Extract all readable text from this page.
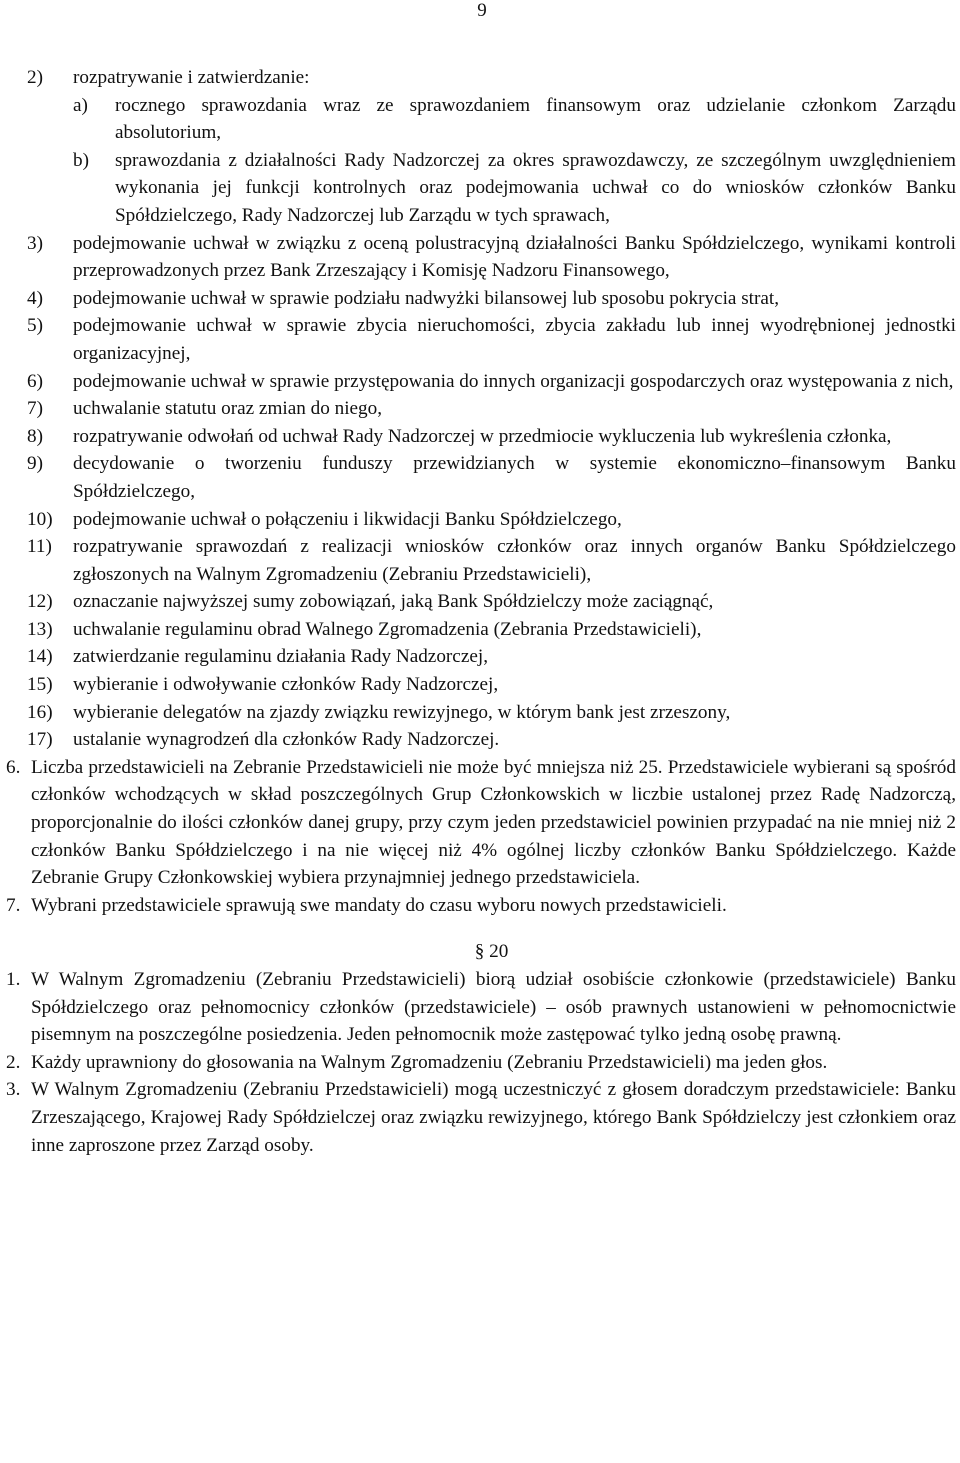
9
2)	rozpatrywanie i zatwierdzanie:
a)	rocznego sprawozdania wraz ze sprawozdaniem finansowym oraz udzielanie członkom Zarządu absolutorium,
b)	sprawozdania z działalności Rady Nadzorczej za okres sprawozdawczy, ze szczególnym uwzględnieniem wykonania jej funkcji kontrolnych oraz podejmowania uchwał co do wniosków członków Banku Spółdzielczego, Rady Nadzorczej lub Zarządu w tych sprawach,
3)	podejmowanie uchwał w związku z oceną polustracyjną działalności Banku Spółdzielczego, wynikami kontroli przeprowadzonych przez Bank Zrzeszający i Komisję Nadzoru Finansowego,
4)	podejmowanie uchwał w sprawie podziału nadwyżki bilansowej lub sposobu pokrycia strat,
5)	podejmowanie uchwał w sprawie zbycia nieruchomości, zbycia zakładu lub innej wyodrębnionej jednostki organizacyjnej,
6)	podejmowanie uchwał w sprawie przystępowania do innych organizacji gospodarczych oraz występowania z nich,
7)	uchwalanie statutu oraz zmian do niego,
8)	rozpatrywanie odwołań od uchwał Rady Nadzorczej w przedmiocie wykluczenia lub wykreślenia członka,
9)	decydowanie o tworzeniu funduszy przewidzianych w systemie ekonomiczno–finansowym Banku Spółdzielczego,
10)	podejmowanie uchwał o połączeniu i likwidacji Banku Spółdzielczego,
11)	rozpatrywanie sprawozdań z realizacji wniosków członków oraz innych organów Banku Spółdzielczego zgłoszonych na Walnym Zgromadzeniu (Zebraniu Przedstawicieli),
12)	oznaczanie najwyższej sumy zobowiązań, jaką Bank Spółdzielczy może zaciągnąć,
13)	uchwalanie regulaminu obrad Walnego Zgromadzenia (Zebrania Przedstawicieli),
14)	zatwierdzanie regulaminu działania Rady Nadzorczej,
15)	wybieranie i odwoływanie członków Rady Nadzorczej,
16)	wybieranie delegatów na zjazdy związku rewizyjnego, w którym bank jest zrzeszony,
17)	ustalanie wynagrodzeń dla członków Rady Nadzorczej.
6. Liczba przedstawicieli na Zebranie Przedstawicieli nie może być mniejsza niż 25. Przedstawiciele wybierani są spośród członków wchodzących w skład poszczególnych Grup Członkowskich w liczbie ustalonej przez Radę Nadzorczą, proporcjonalnie do ilości członków danej grupy, przy czym jeden przedstawiciel powinien przypadać na nie mniej niż 2 członków Banku Spółdzielczego i na nie więcej niż 4% ogólnej liczby członków Banku Spółdzielczego. Każde Zebranie Grupy Członkowskiej wybiera przynajmniej jednego przedstawiciela.
7. Wybrani przedstawiciele sprawują swe mandaty do czasu wyboru nowych przedstawicieli.
§ 20
1. W Walnym Zgromadzeniu (Zebraniu Przedstawicieli) biorą udział osobiście członkowie (przedstawiciele) Banku Spółdzielczego oraz pełnomocnicy członków (przedstawiciele) – osób prawnych ustanowieni w pełnomocnictwie pisemnym na poszczególne posiedzenia. Jeden pełnomocnik może zastępować tylko jedną osobę prawną.
2. Każdy uprawniony do głosowania na Walnym Zgromadzeniu (Zebraniu Przedstawicieli) ma jeden głos.
3. W Walnym Zgromadzeniu (Zebraniu Przedstawicieli) mogą uczestniczyć z głosem doradczym przedstawiciele: Banku Zrzeszającego, Krajowej Rady Spółdzielczej oraz związku rewizyjnego, którego Bank Spółdzielczy jest członkiem oraz inne zaproszone przez Zarząd osoby.
